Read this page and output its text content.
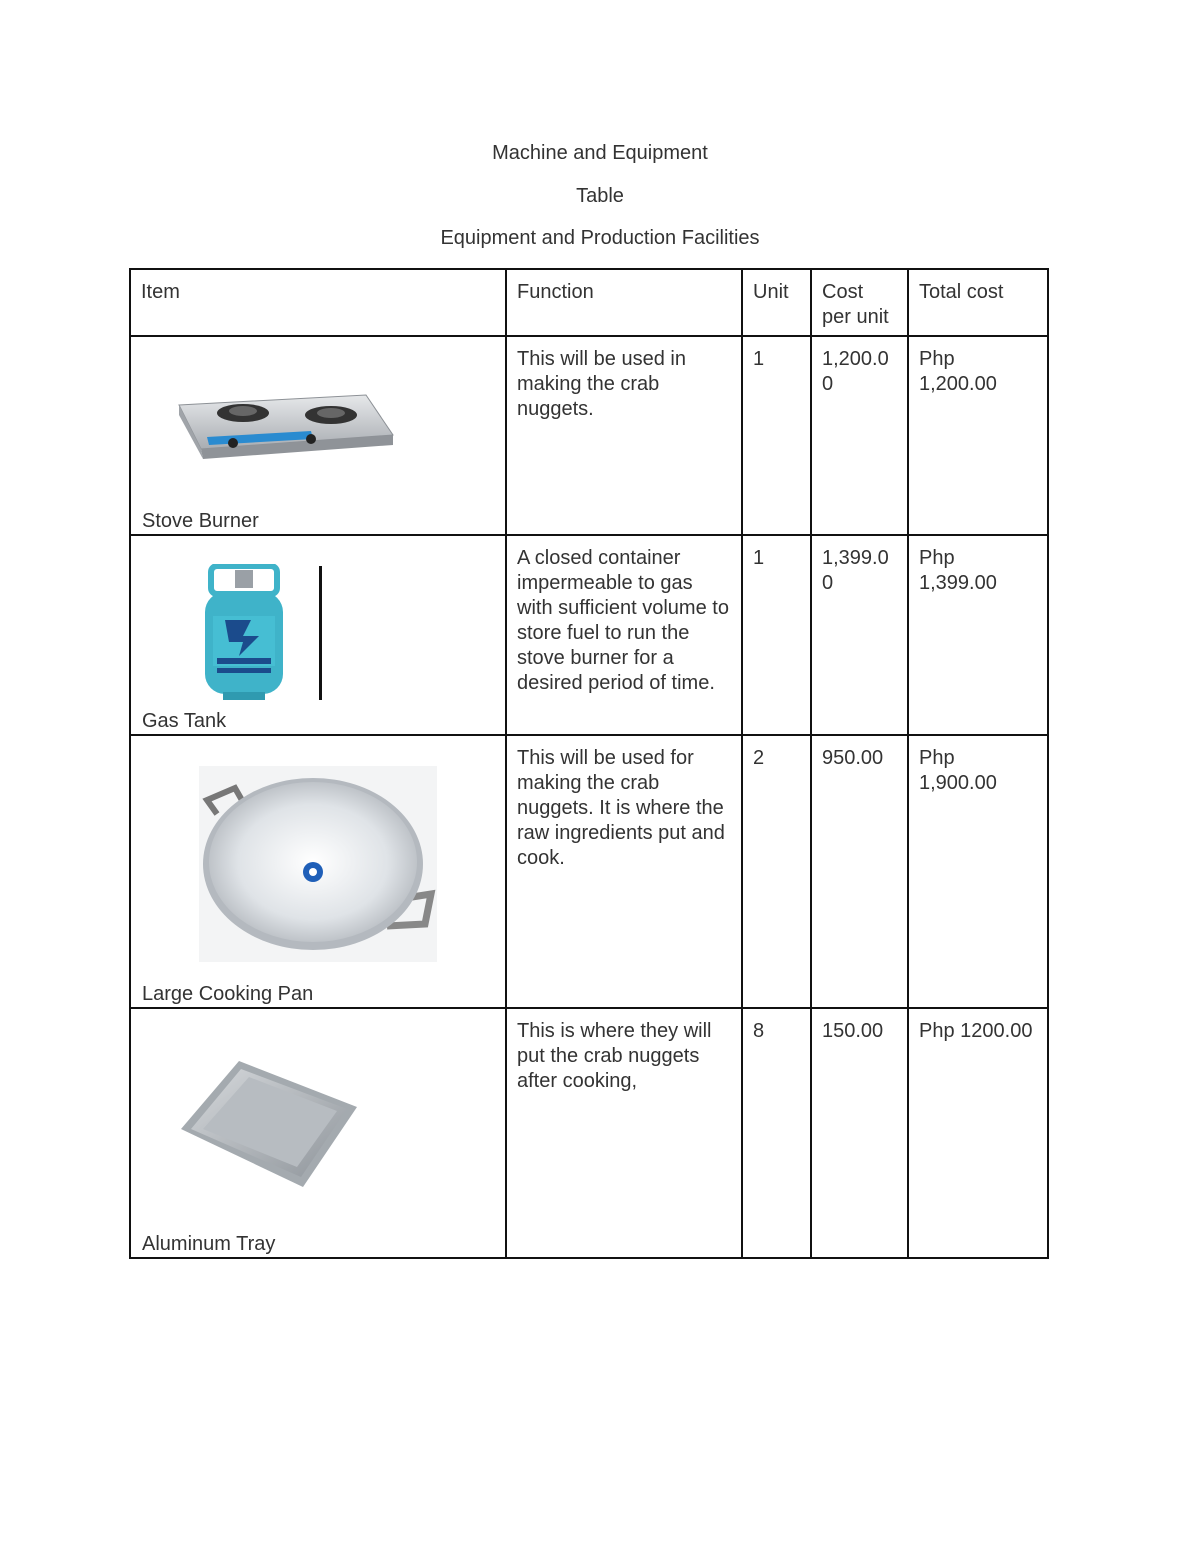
Machine and Equipment
Table
Equipment and Production Facilities
Item	Function	Unit	Cost per unit	Total cost

Stove Burner	This will be used in making the crab nuggets.	1	1,200.00	Php 1,200.00

Gas Tank	A closed container impermeable to gas with sufficient volume to store fuel to run the stove burner for a desired period of time.	1	1,399.00	Php 1,399.00

Large Cooking Pan	This will be used for making the crab nuggets. It is where the raw ingredients put and cook.	2	950.00	Php 1,900.00

Aluminum Tray	This is where they will put the crab nuggets after cooking,	8	150.00	Php 1200.00
